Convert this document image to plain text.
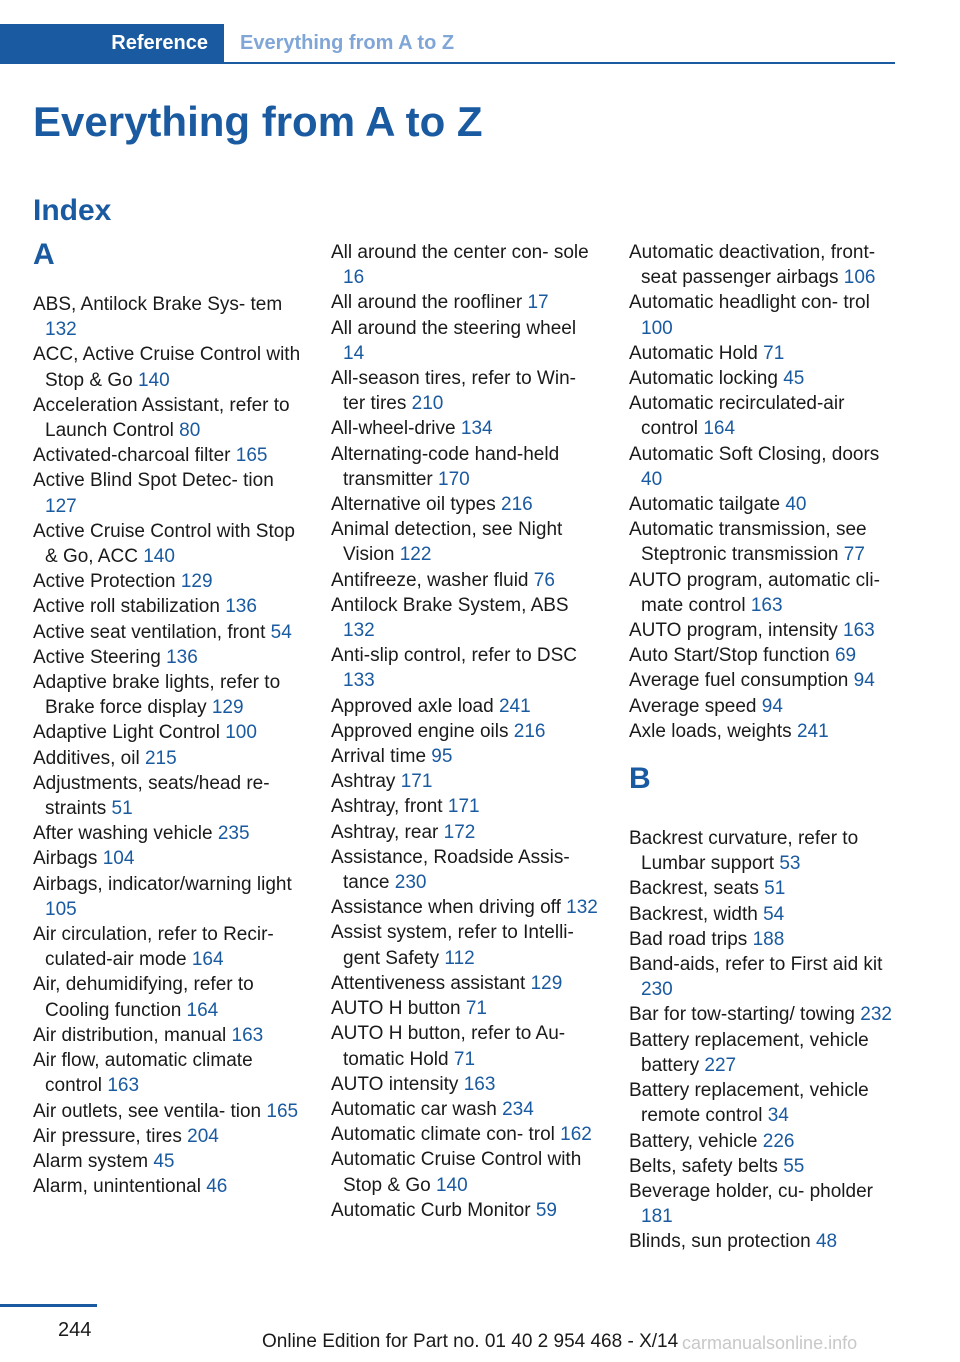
Reference	Everything from A to Z
Everything from A to Z
Index
A
ABS, Antilock Brake Sys- tem 132
ACC, Active Cruise Control with Stop & Go 140
Acceleration Assistant, refer to Launch Control 80
Activated-charcoal filter 165
Active Blind Spot Detec- tion 127
Active Cruise Control with Stop & Go, ACC 140
Active Protection 129
Active roll stabilization 136
Active seat ventilation, front 54
Active Steering 136
Adaptive brake lights, refer to Brake force display 129
Adaptive Light Control 100
Additives, oil 215
Adjustments, seats/head re- straints 51
After washing vehicle 235
Airbags 104
Airbags, indicator/warning light 105
Air circulation, refer to Recir- culated-air mode 164
Air, dehumidifying, refer to Cooling function 164
Air distribution, manual 163
Air flow, automatic climate control 163
Air outlets, see ventila- tion 165
Air pressure, tires 204
Alarm system 45
Alarm, unintentional 46
All around the center con- sole 16
All around the roofliner 17
All around the steering wheel 14
All-season tires, refer to Win- ter tires 210
All-wheel-drive 134
Alternating-code hand-held transmitter 170
Alternative oil types 216
Animal detection, see Night Vision 122
Antifreeze, washer fluid 76
Antilock Brake System, ABS 132
Anti-slip control, refer to DSC 133
Approved axle load 241
Approved engine oils 216
Arrival time 95
Ashtray 171
Ashtray, front 171
Ashtray, rear 172
Assistance, Roadside Assis- tance 230
Assistance when driving off 132
Assist system, refer to Intelli- gent Safety 112
Attentiveness assistant 129
AUTO H button 71
AUTO H button, refer to Au- tomatic Hold 71
AUTO intensity 163
Automatic car wash 234
Automatic climate con- trol 162
Automatic Cruise Control with Stop & Go 140
Automatic Curb Monitor 59
Automatic deactivation, front- seat passenger airbags 106
Automatic headlight con- trol 100
Automatic Hold 71
Automatic locking 45
Automatic recirculated-air control 164
Automatic Soft Closing, doors 40
Automatic tailgate 40
Automatic transmission, see Steptronic transmission 77
AUTO program, automatic cli- mate control 163
AUTO program, intensity 163
Auto Start/Stop function 69
Average fuel consumption 94
Average speed 94
Axle loads, weights 241
B
Backrest curvature, refer to Lumbar support 53
Backrest, seats 51
Backrest, width 54
Bad road trips 188
Band-aids, refer to First aid kit 230
Bar for tow-starting/ towing 232
Battery replacement, vehicle battery 227
Battery replacement, vehicle remote control 34
Battery, vehicle 226
Belts, safety belts 55
Beverage holder, cu- pholder 181
Blinds, sun protection 48
244
Online Edition for Part no. 01 40 2 954 468 - X/14 carmanualsonline.info
